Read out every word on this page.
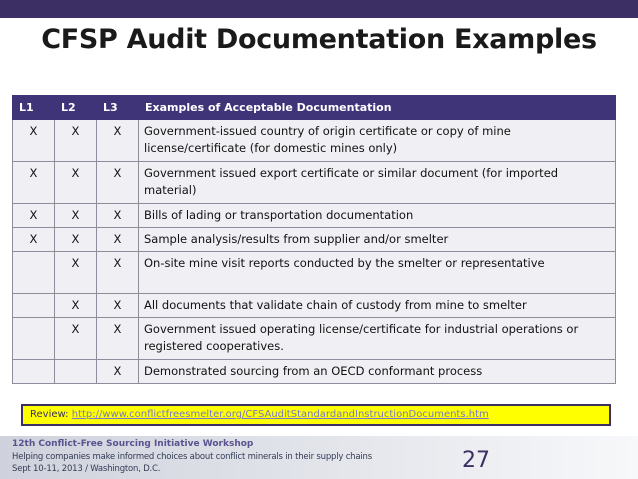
CFSP Audit Documentation Examples
L1	L2	L3	Examples of Acceptable Documentation
X	X	X	Government-issued country of origin certificate or copy of mine license/certificate (for domestic mines only)
X	X	X	Government issued export certificate or similar document (for imported material)
X	X	X	Bills of lading or transportation documentation
X	X	X	Sample analysis/results from supplier and/or smelter
	X	X	On-site mine visit reports conducted by the smelter or representative
	X	X	All documents that validate chain of custody from mine to smelter
	X	X	Government issued operating license/certificate for industrial operations or registered cooperatives.
		X	Demonstrated sourcing from an OECD conformant process
Review: http://www.conflictfreesmelter.org/CFSAuditStandardandInstructionDocuments.htm
12th Conflict-Free Sourcing Initiative Workshop
Helping companies make informed choices about conflict minerals in their supply chains
Sept 10-11, 2013 / Washington, D.C.	27
